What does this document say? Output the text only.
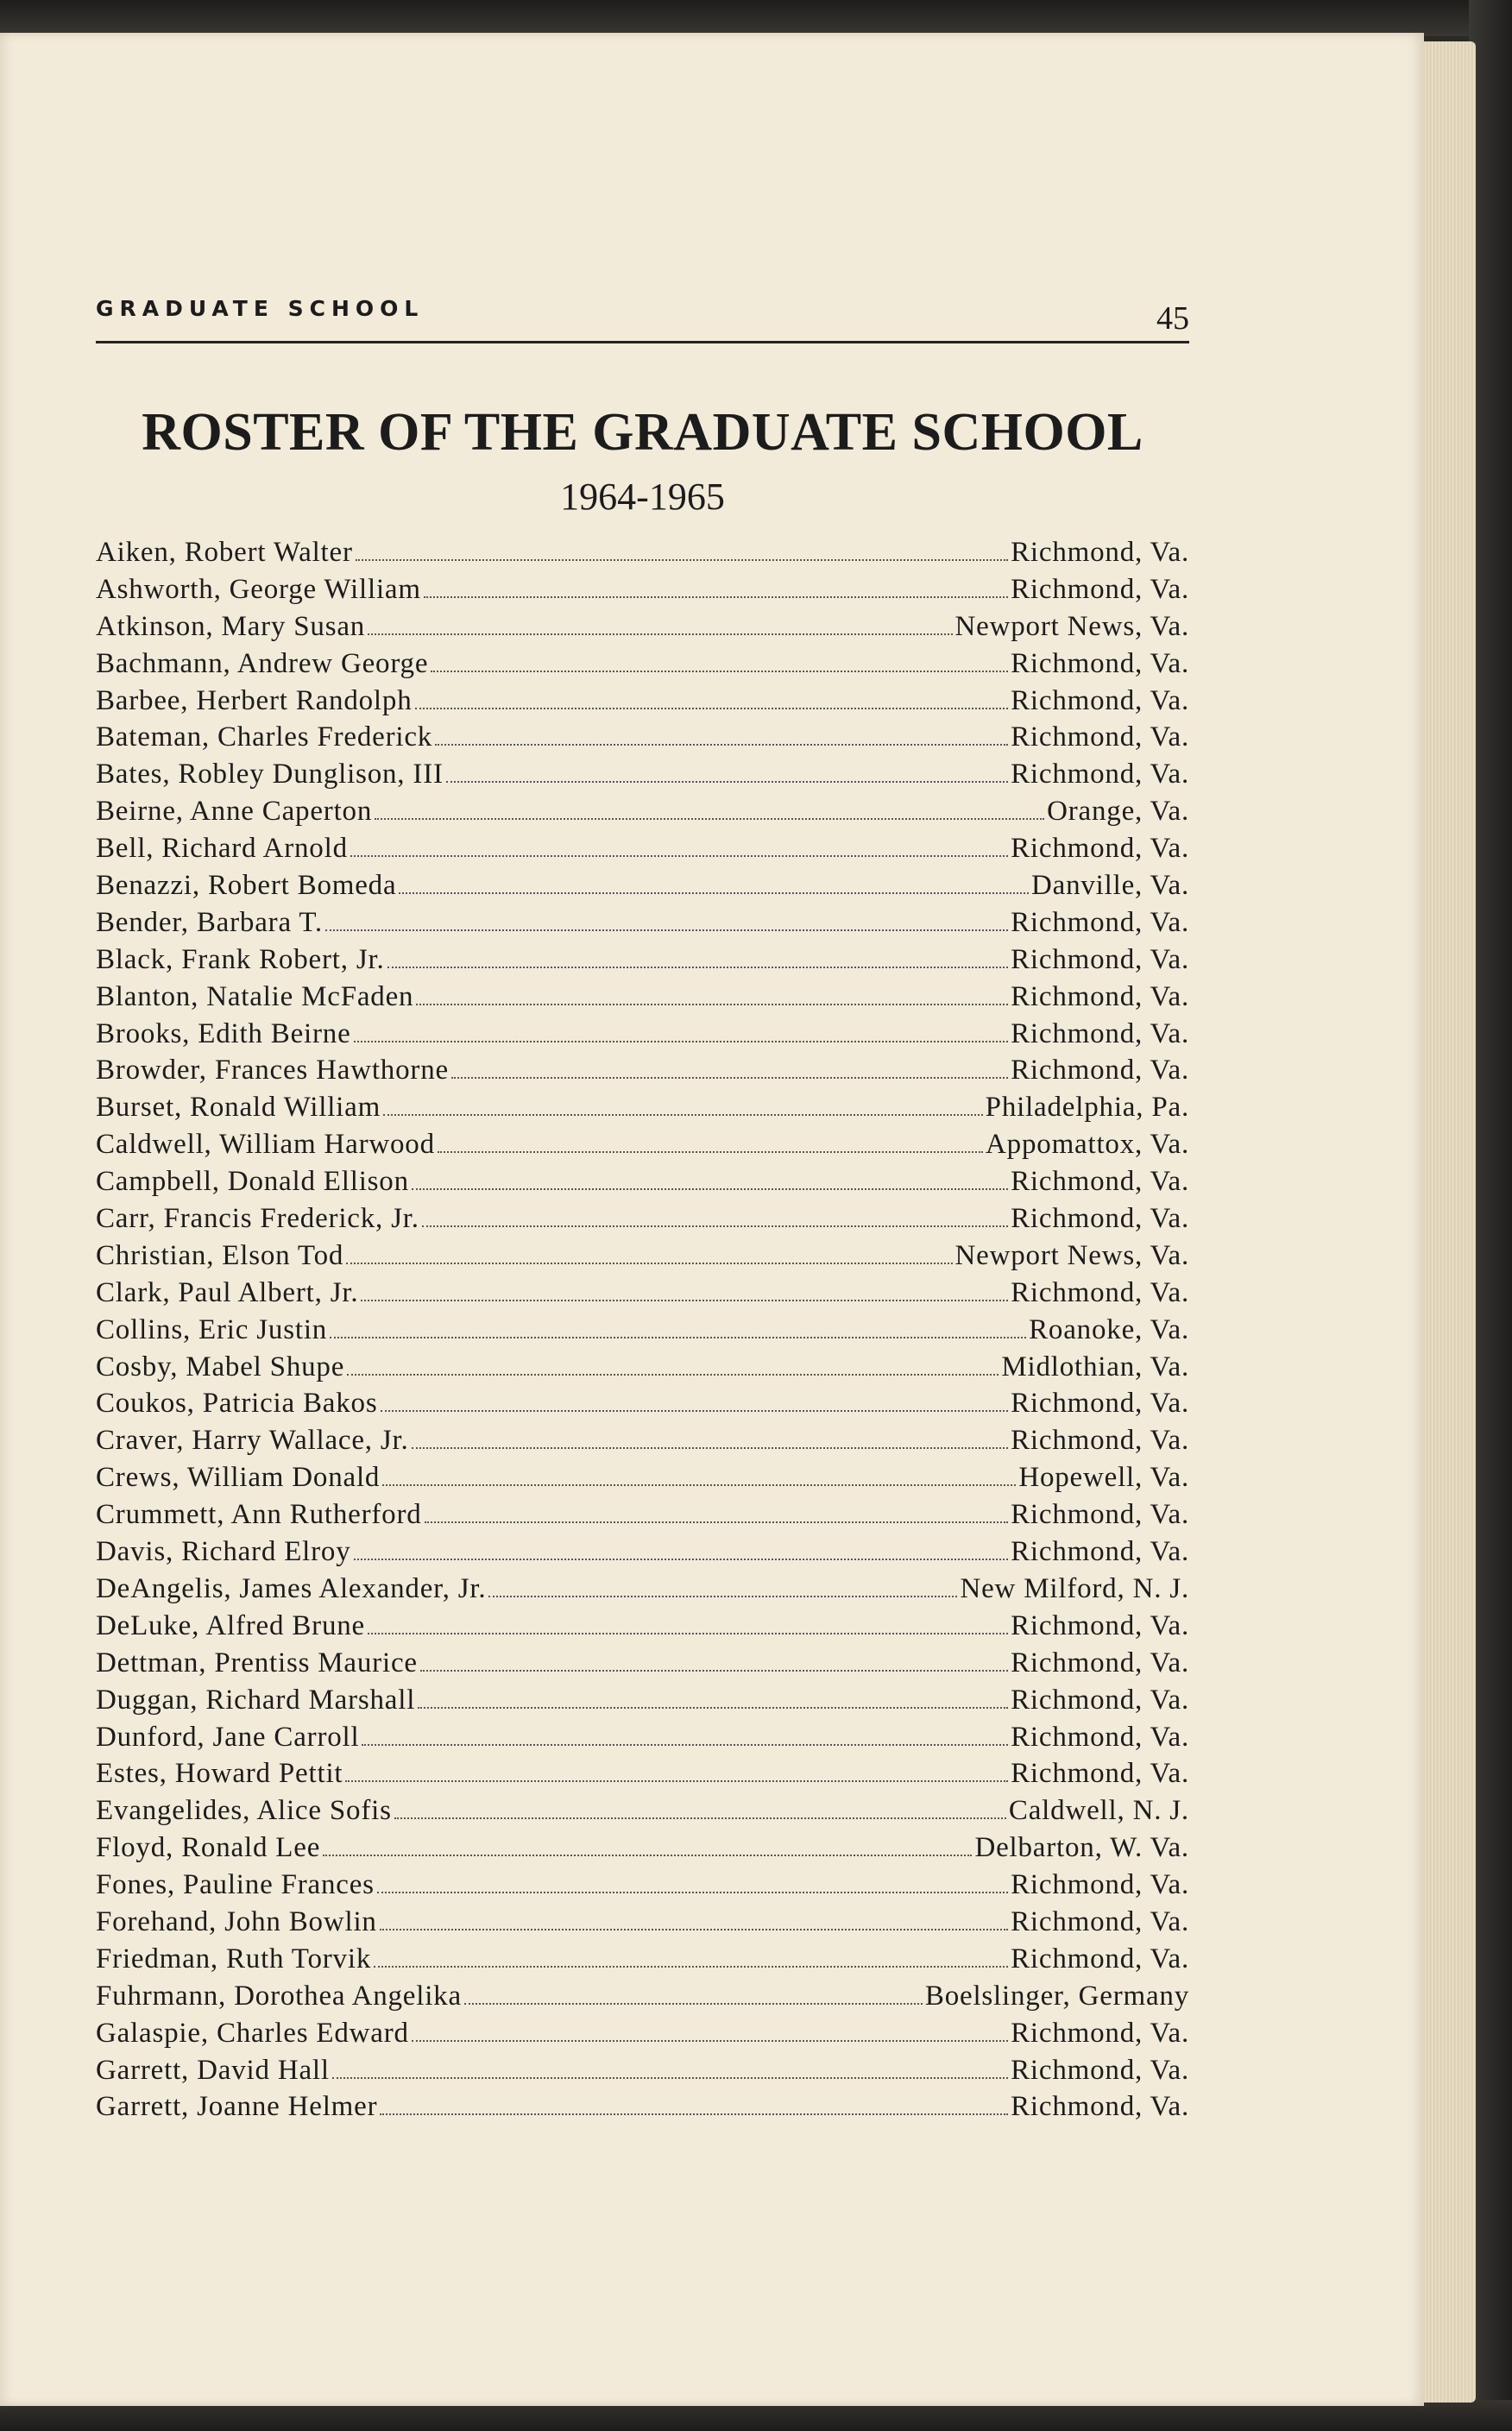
GRADUATE SCHOOL	45
ROSTER OF THE GRADUATE SCHOOL
1964-1965
Aiken, Robert Walter	Richmond, Va.
Ashworth, George William	Richmond, Va.
Atkinson, Mary Susan	Newport News, Va.
Bachmann, Andrew George	Richmond, Va.
Barbee, Herbert Randolph	Richmond, Va.
Bateman, Charles Frederick	Richmond, Va.
Bates, Robley Dunglison, III	Richmond, Va.
Beirne, Anne Caperton	Orange, Va.
Bell, Richard Arnold	Richmond, Va.
Benazzi, Robert Bomeda	Danville, Va.
Bender, Barbara T.	Richmond, Va.
Black, Frank Robert, Jr.	Richmond, Va.
Blanton, Natalie McFaden	Richmond, Va.
Brooks, Edith Beirne	Richmond, Va.
Browder, Frances Hawthorne	Richmond, Va.
Burset, Ronald William	Philadelphia, Pa.
Caldwell, William Harwood	Appomattox, Va.
Campbell, Donald Ellison	Richmond, Va.
Carr, Francis Frederick, Jr.	Richmond, Va.
Christian, Elson Tod	Newport News, Va.
Clark, Paul Albert, Jr.	Richmond, Va.
Collins, Eric Justin	Roanoke, Va.
Cosby, Mabel Shupe	Midlothian, Va.
Coukos, Patricia Bakos	Richmond, Va.
Craver, Harry Wallace, Jr.	Richmond, Va.
Crews, William Donald	Hopewell, Va.
Crummett, Ann Rutherford	Richmond, Va.
Davis, Richard Elroy	Richmond, Va.
DeAngelis, James Alexander, Jr.	New Milford, N. J.
DeLuke, Alfred Brune	Richmond, Va.
Dettman, Prentiss Maurice	Richmond, Va.
Duggan, Richard Marshall	Richmond, Va.
Dunford, Jane Carroll	Richmond, Va.
Estes, Howard Pettit	Richmond, Va.
Evangelides, Alice Sofis	Caldwell, N. J.
Floyd, Ronald Lee	Delbarton, W. Va.
Fones, Pauline Frances	Richmond, Va.
Forehand, John Bowlin	Richmond, Va.
Friedman, Ruth Torvik	Richmond, Va.
Fuhrmann, Dorothea Angelika	Boelslinger, Germany
Galaspie, Charles Edward	Richmond, Va.
Garrett, David Hall	Richmond, Va.
Garrett, Joanne Helmer	Richmond, Va.
